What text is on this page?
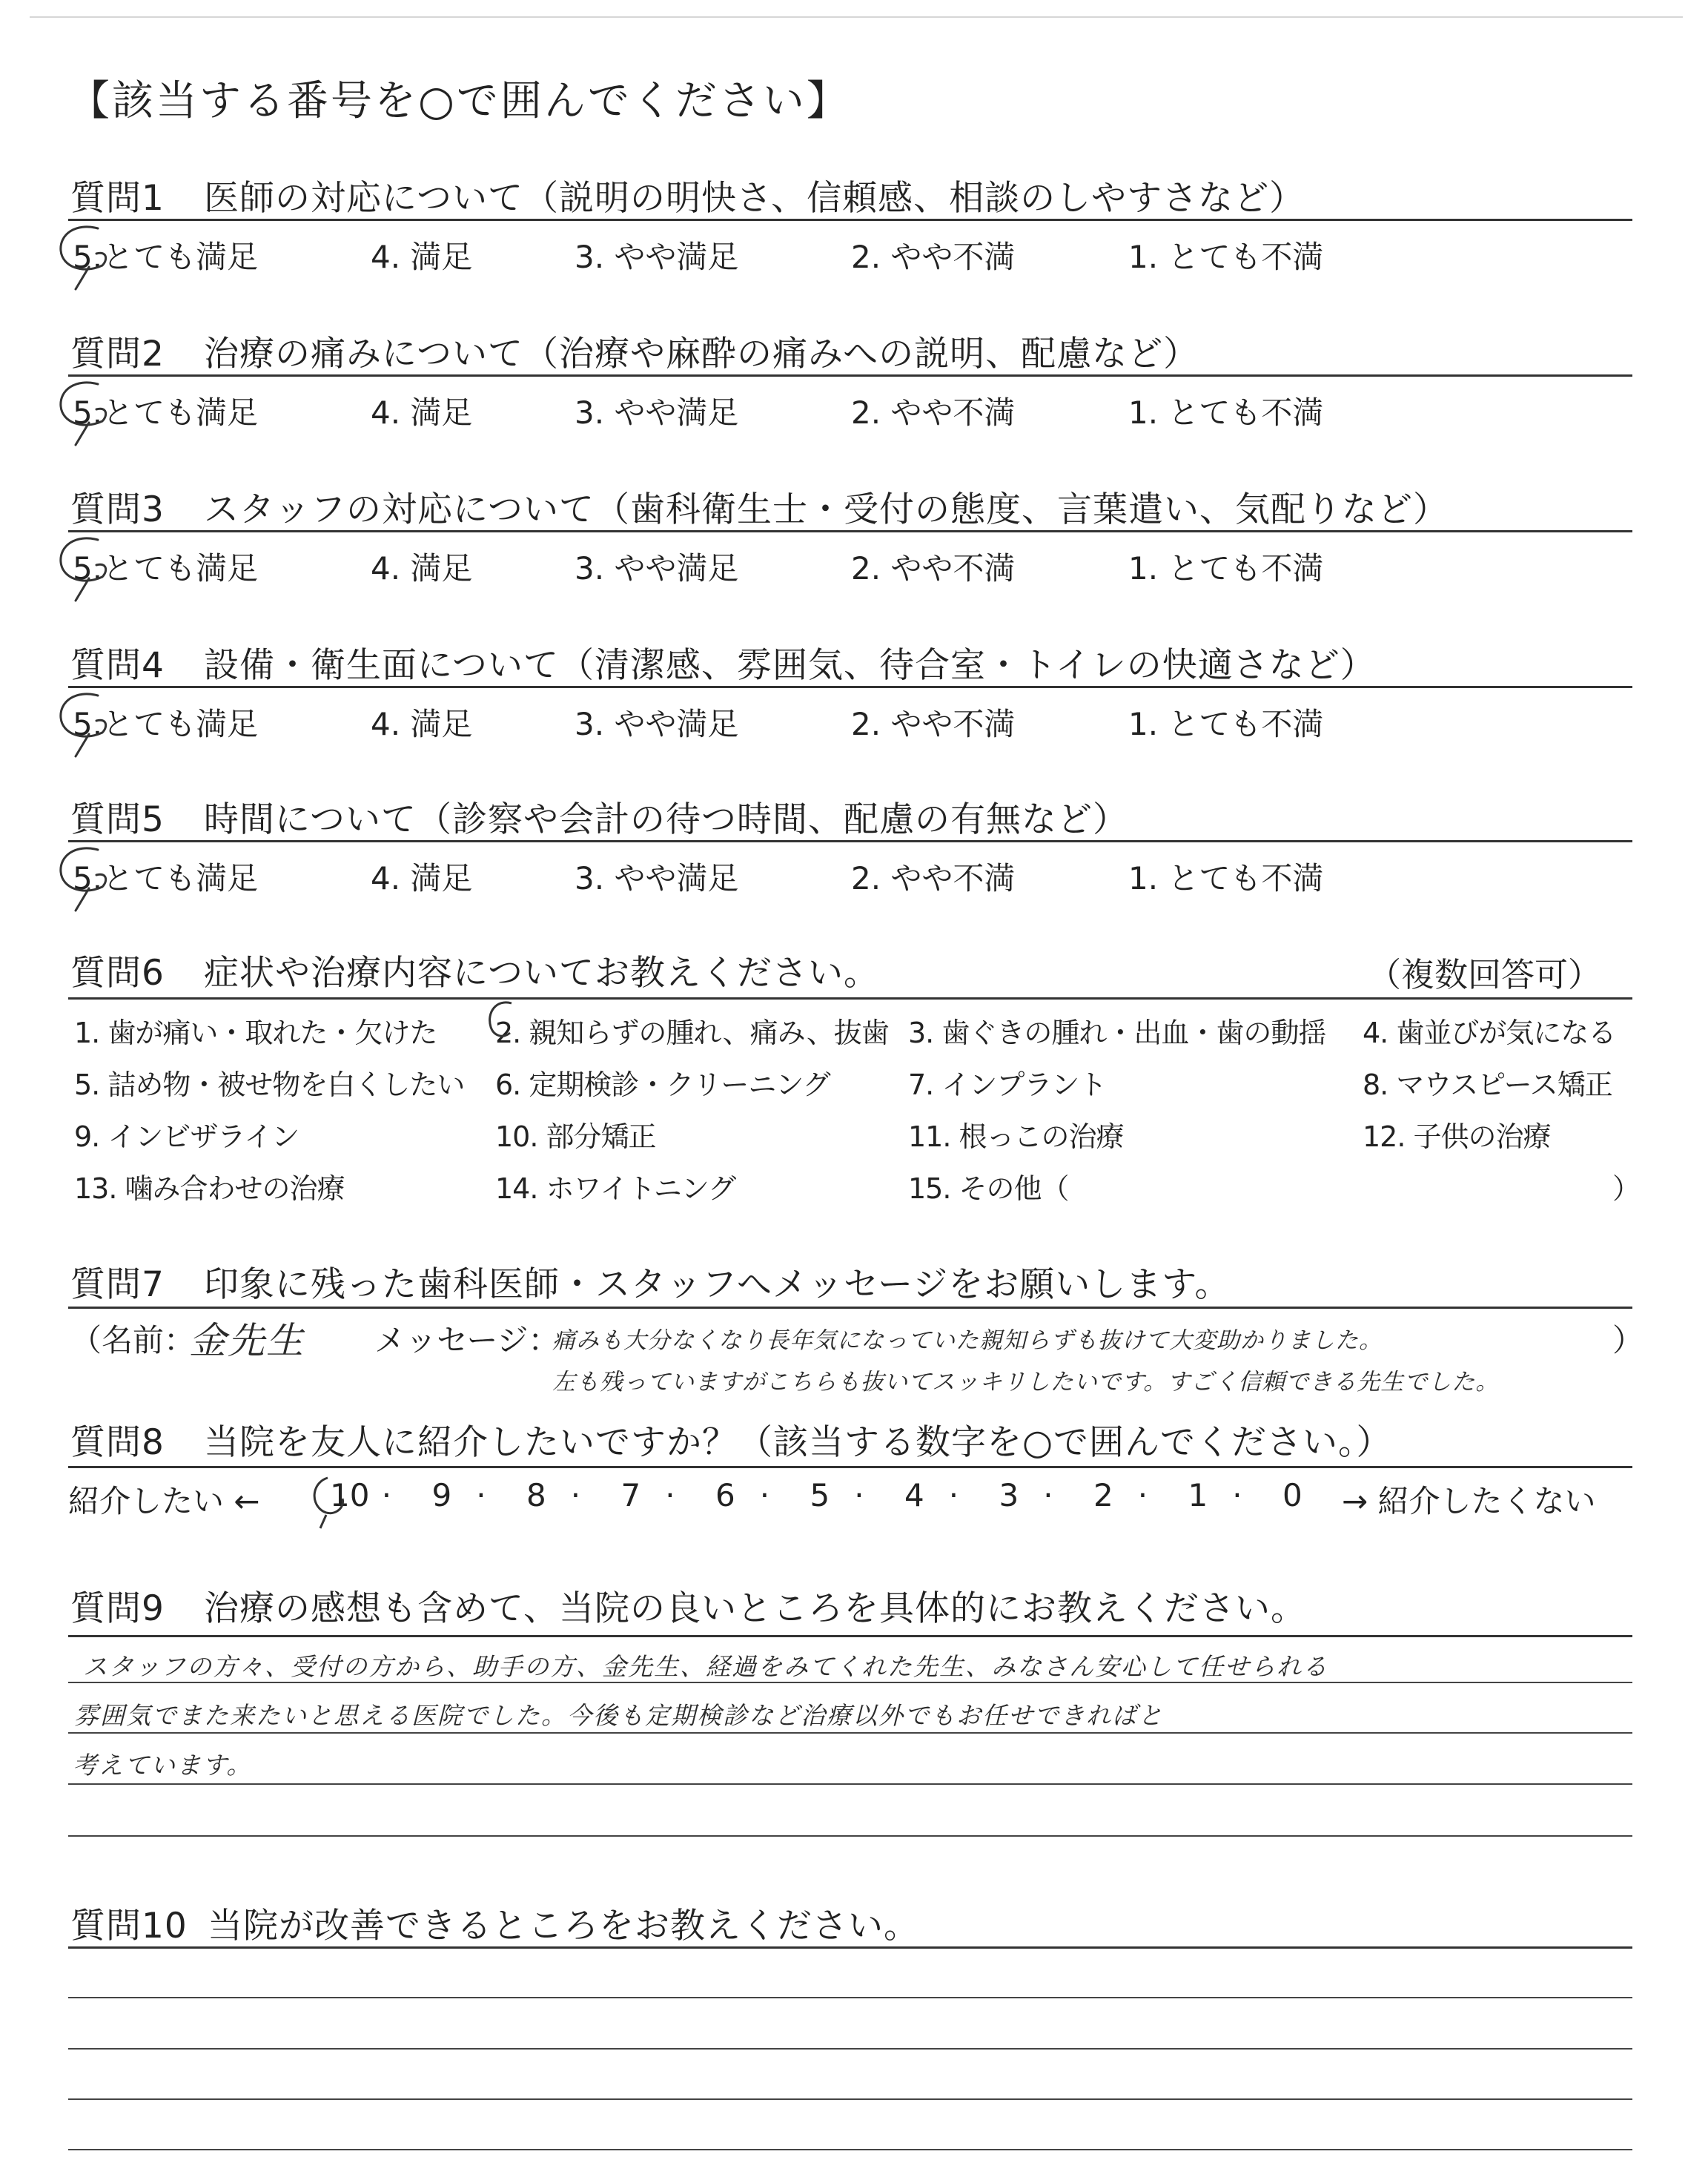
【該当する番号を○で囲んでください】
質問1 医師の対応について（説明の明快さ、信頼感、相談のしやすさなど）
5.とても満足	4. 満足	3. やや満足	2. やや不満	1. とても不満
質問2 治療の痛みについて（治療や麻酔の痛みへの説明、配慮など）
5.とても満足	4. 満足	3. やや満足	2. やや不満	1. とても不満
質問3 スタッフの対応について（歯科衛生士・受付の態度、言葉遣い、気配りなど）
5.とても満足	4. 満足	3. やや満足	2. やや不満	1. とても不満
質問4 設備・衛生面について（清潔感、雰囲気、待合室・トイレの快適さなど）
5.とても満足	4. 満足	3. やや満足	2. やや不満	1. とても不満
質問5 時間について（診察や会計の待つ時間、配慮の有無など）
5.とても満足	4. 満足	3. やや満足	2. やや不満	1. とても不満
質問6 症状や治療内容についてお教えください。	（複数回答可）
1. 歯が痛い・取れた・欠けた 2. 親知らずの腫れ、痛み、抜歯 3. 歯ぐきの腫れ・出血・歯の動揺 4. 歯並びが気になる
5. 詰め物・被せ物を白くしたい 6. 定期検診・クリーニング	7. インプラント	8. マウスピース矯正
9. インビザライン	10. 部分矯正	11. 根っこの治療	12. 子供の治療
13. 噛み合わせの治療	14. ホワイトニング	15. その他（	）
質問7 印象に残った歯科医師・スタッフへメッセージをお願いします。
（名前：
金先生 メッセージ：
痛みも大分なくなり長年気になっていた親知らずも抜けて大変助かりました。
左も残っていますがこちらも抜いてスッキリしたいです。すごく信頼できる先生でした。
）
質問8 当院を友人に紹介したいですか？（該当する数字を○で囲んでください。）
紹介したい ←	→ 紹介したくない
10 · 9 · 8 · 7 · 6 · 5 · 4 · 3 · 2 · 1 · 0
質問9 治療の感想も含めて、当院の良いところを具体的にお教えください。
スタッフの方々、受付の方から、助手の方、金先生、経過をみてくれた先生、みなさん安心して任せられる
雰囲気でまた来たいと思える医院でした。今後も定期検診など治療以外でもお任せできればと
考えています。
質問10 当院が改善できるところをお教えください。
